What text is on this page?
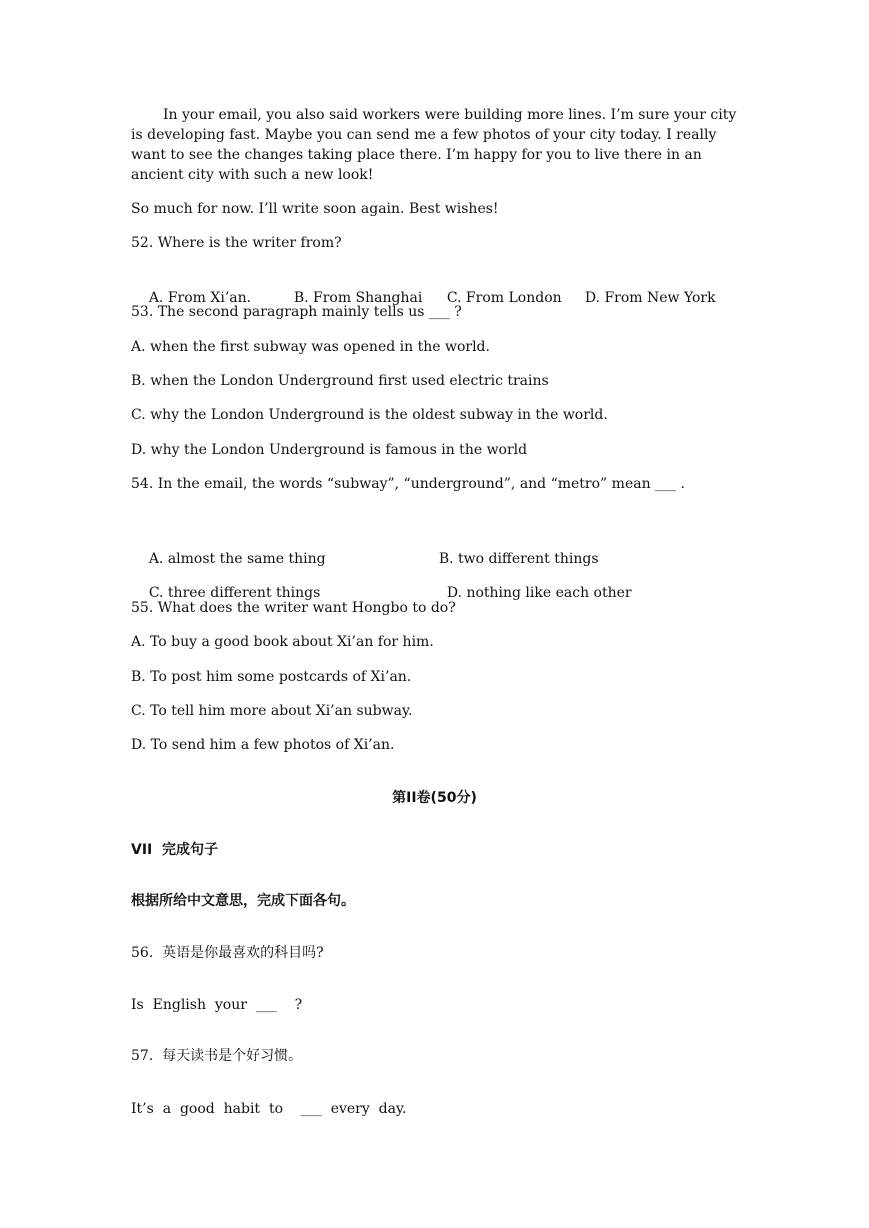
In your email, you also said workers were building more lines. I’m sure your city is developing fast. Maybe you can send me a few photos of your city today. I really want to see the changes taking place there. I’m happy for you to live there in an ancient city with such a new look!
So much for now. I’ll write soon again. Best wishes!
52. Where is the writer from?

A. From Xi’an.	B. From Shanghai C. From London D. From New York

53. The second paragraph mainly tells us ___ ?
A. when the first subway was opened in the world.
B. when the London Underground first used electric trains
C. why the London Underground is the oldest subway in the world.
D. why the London Underground is famous in the world
54. In the email, the words “subway”, “underground”, and “metro” mean ___ .

A. almost the same thing	B. two different things

C. three different things	D. nothing like each other

55. What does the writer want Hongbo to do?
A. To buy a good book about Xi’an for him.
B. To post him some postcards of Xi’an.
C. To tell him more about Xi’an subway.
D. To send him a few photos of Xi’an.
第II卷(50分)
VII  完成句子
根据所给中文意思，完成下面各句。
56.  英语是你最喜欢的科目吗?
Is  English  your  ___    ?
57.  每天读书是个好习惯。
It’s  a  good  habit  to    ___  every  day.
